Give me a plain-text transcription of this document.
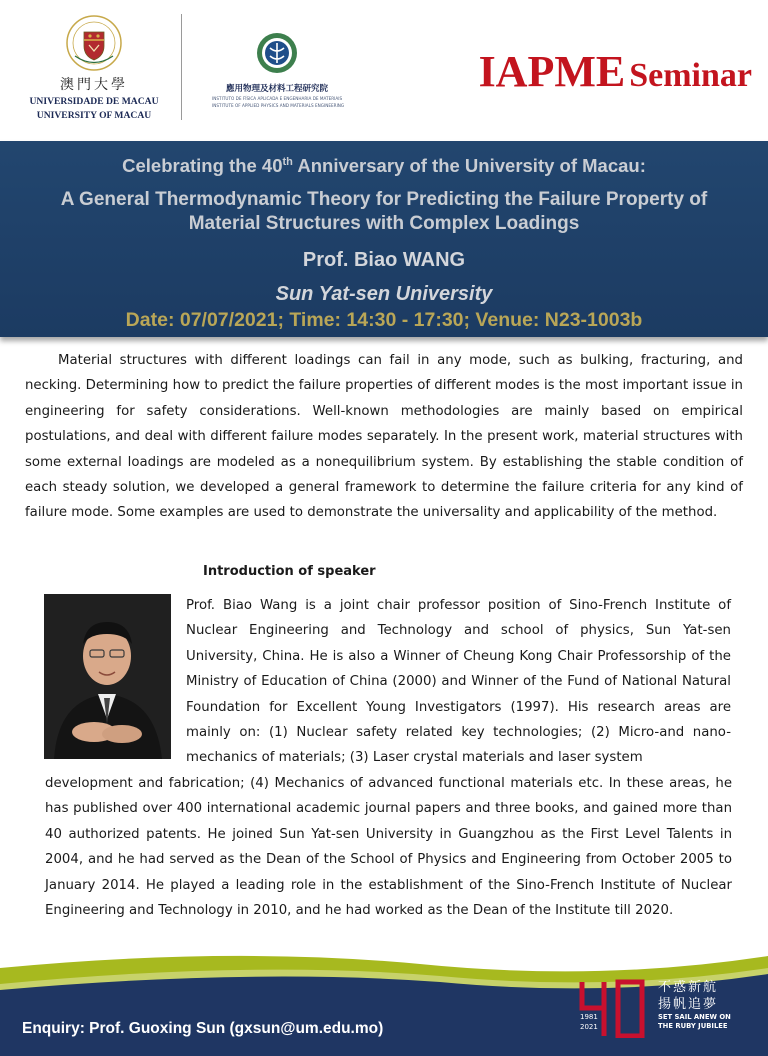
澳門大學
UNIVERSIDADE DE MACAU
UNIVERSITY OF MACAU
應用物理及材料工程研究院
INSTITUTO DE FÍSICA APLICADA E ENGENHARIA DE MATERIAIS
INSTITUTE OF APPLIED PHYSICS AND MATERIALS ENGINEERING
IAPME Seminar
Celebrating the 40th Anniversary of the University of Macau:
A General Thermodynamic Theory for Predicting the Failure Property of
Material Structures with Complex Loadings
Prof. Biao WANG
Sun Yat-sen University
Date: 07/07/2021; Time: 14:30 - 17:30; Venue: N23-1003b

Material structures with different loadings can fail in any mode, such as bulking, fracturing, and necking. Determining how to predict the failure properties of different modes is the most important issue in engineering for safety considerations. Well-known methodologies are mainly based on empirical postulations, and deal with different failure modes separately. In the present work, material structures with some external loadings are modeled as a nonequilibrium system. By establishing the stable condition of each steady solution, we developed a general framework to determine the failure criteria for any kind of failure mode. Some examples are used to demonstrate the universality and applicability of the method.

Introduction of speaker

Prof. Biao Wang is a joint chair professor position of Sino-French Institute of Nuclear Engineering and Technology and school of physics, Sun Yat-sen University, China. He is also a Winner of Cheung Kong Chair Professorship of the Ministry of Education of China (2000) and Winner of the Fund of National Natural Foundation for Excellent Young Investigators (1997). His research areas are mainly on: (1) Nuclear safety related key technologies; (2) Micro-and nano-mechanics of materials; (3) Laser crystal materials and laser system

development and fabrication; (4) Mechanics of advanced functional materials etc. In these areas, he has published over 400 international academic journal papers and three books, and gained more than 40 authorized patents. He joined Sun Yat-sen University in Guangzhou as the First Level Talents in 2004, and he had served as the Dean of the School of Physics and Engineering from October 2005 to January 2014. He played a leading role in the establishment of the Sino-French Institute of Nuclear Engineering and Technology in 2010, and he had worked as the Dean of the Institute till 2020.

Enquiry: Prof. Guoxing Sun (gxsun@um.edu.mo)
1981
2021
不惑新航
揚帆追夢
SET SAIL ANEW ON
THE RUBY JUBILEE
